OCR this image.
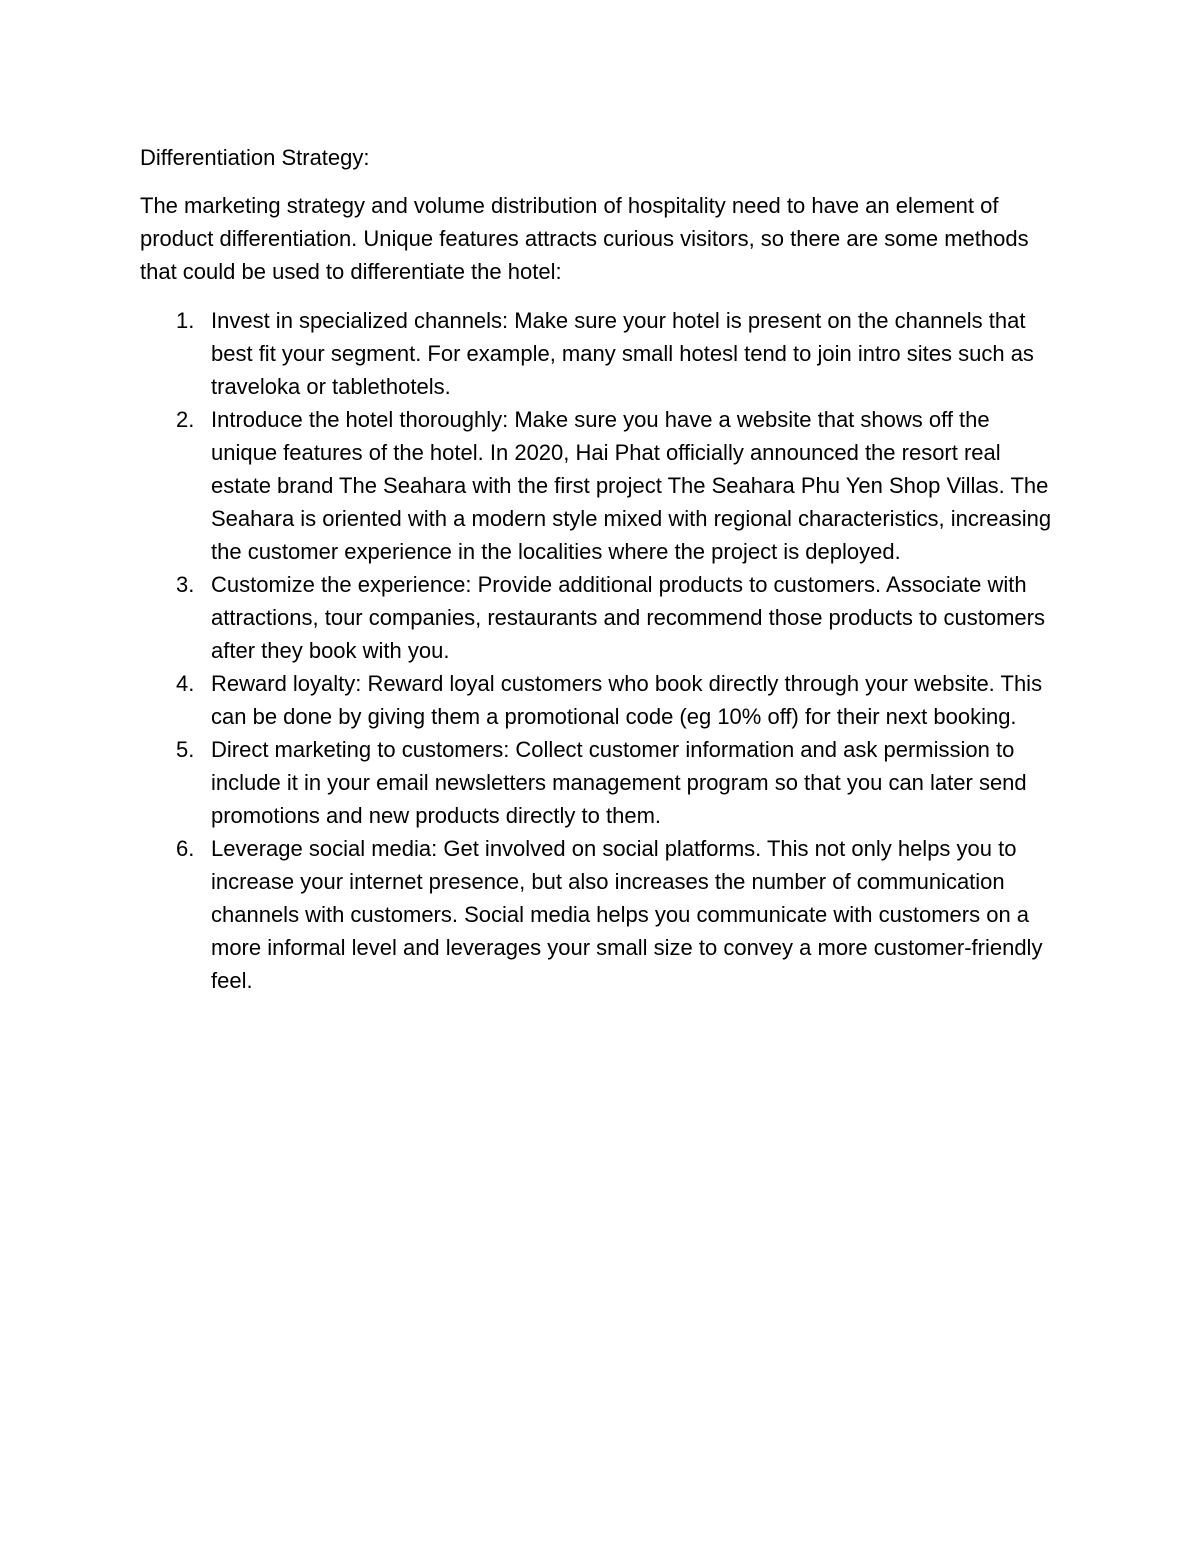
Differentiation Strategy:

The marketing strategy and volume distribution of hospitality need to have an element of product differentiation. Unique features attracts curious visitors, so there are some methods that could be used to differentiate the hotel:

Invest in specialized channels: Make sure your hotel is present on the channels that best fit your segment. For example, many small hotesl tend to join intro sites such as traveloka or tablethotels.
Introduce the hotel thoroughly: Make sure you have a website that shows off the unique features of the hotel. In 2020, Hai Phat officially announced the resort real estate brand The Seahara with the first project The Seahara Phu Yen Shop Villas. The Seahara is oriented with a modern style mixed with regional characteristics, increasing the customer experience in the localities where the project is deployed.
Customize the experience: Provide additional products to customers. Associate with attractions, tour companies, restaurants and recommend those products to customers after they book with you.
Reward loyalty: Reward loyal customers who book directly through your website. This can be done by giving them a promotional code (eg 10% off) for their next booking.
Direct marketing to customers: Collect customer information and ask permission to include it in your email newsletters management program so that you can later send promotions and new products directly to them.
Leverage social media: Get involved on social platforms. This not only helps you to increase your internet presence, but also increases the number of communication channels with customers. Social media helps you communicate with customers on a more informal level and leverages your small size to convey a more customer-friendly feel.
